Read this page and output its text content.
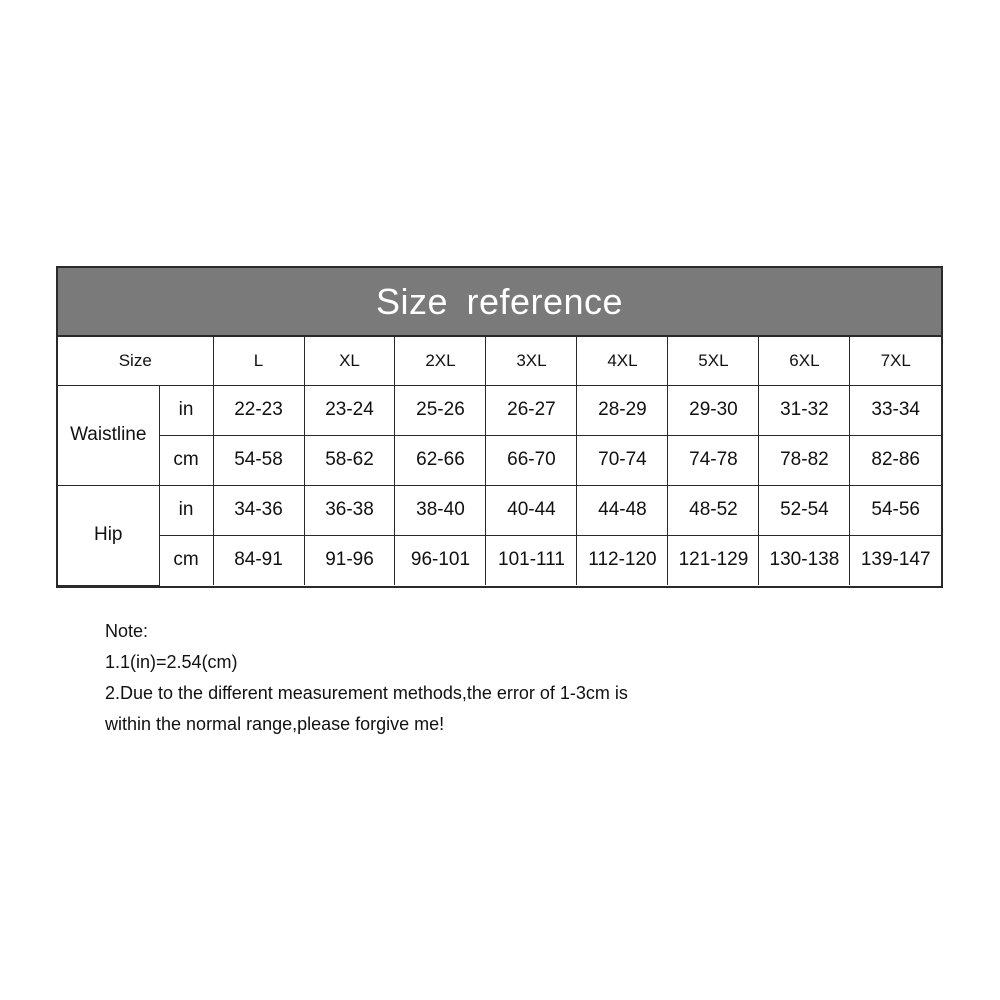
Size reference
Size		L	XL	2XL	3XL	4XL	5XL	6XL	7XL
Waistline	in	22-23	23-24	25-26	26-27	28-29	29-30	31-32	33-34
	cm	54-58	58-62	62-66	66-70	70-74	74-78	78-82	82-86
Hip	in	34-36	36-38	38-40	40-44	44-48	48-52	52-54	54-56
	cm	84-91	91-96	96-101	101-111	112-120	121-129	130-138	139-147
Note:
1.1(in)=2.54(cm)
2.Due to the different measurement methods,the error of 1-3cm is
within the normal range,please forgive me!
